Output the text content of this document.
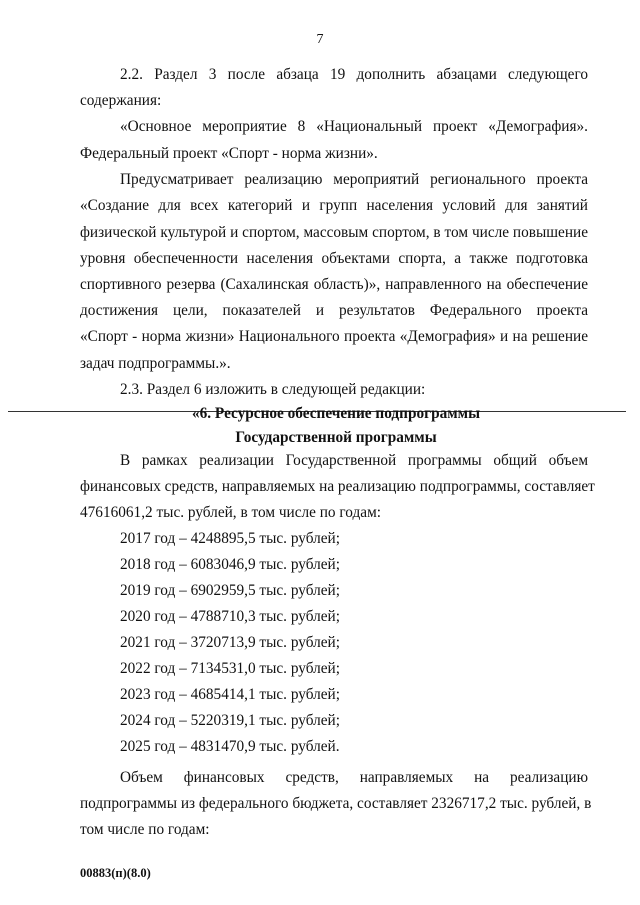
7
2.2. Раздел 3 после абзаца 19 дополнить абзацами следующего
содержания:
«Основное мероприятие 8 «Национальный проект «Демография».
Федеральный проект «Спорт - норма жизни».
Предусматривает реализацию мероприятий регионального проекта
«Создание для всех категорий и групп населения условий для занятий
физической культурой и спортом, массовым спортом, в том числе повышение
уровня обеспеченности населения объектами спорта, а также подготовка
спортивного резерва (Сахалинская область)», направленного на обеспечение
достижения цели, показателей и результатов Федерального проекта
«Спорт - норма жизни» Национального проекта «Демография» и на решение
задач подпрограммы.».
2.3. Раздел 6 изложить в следующей редакции:
«6. Ресурсное обеспечение подпрограммы
Государственной программы
В рамках реализации Государственной программы общий объем
финансовых средств, направляемых на реализацию подпрограммы, составляет
47616061,2 тыс. рублей, в том числе по годам:
2017 год – 4248895,5 тыс. рублей;
2018 год – 6083046,9 тыс. рублей;
2019 год – 6902959,5 тыс. рублей;
2020 год – 4788710,3 тыс. рублей;
2021 год – 3720713,9 тыс. рублей;
2022 год – 7134531,0 тыс. рублей;
2023 год – 4685414,1 тыс. рублей;
2024 год – 5220319,1 тыс. рублей;
2025 год – 4831470,9 тыс. рублей.
Объем финансовых средств, направляемых на реализацию
подпрограммы из федерального бюджета, составляет 2326717,2 тыс. рублей, в
том числе по годам:
00883(п)(8.0)
